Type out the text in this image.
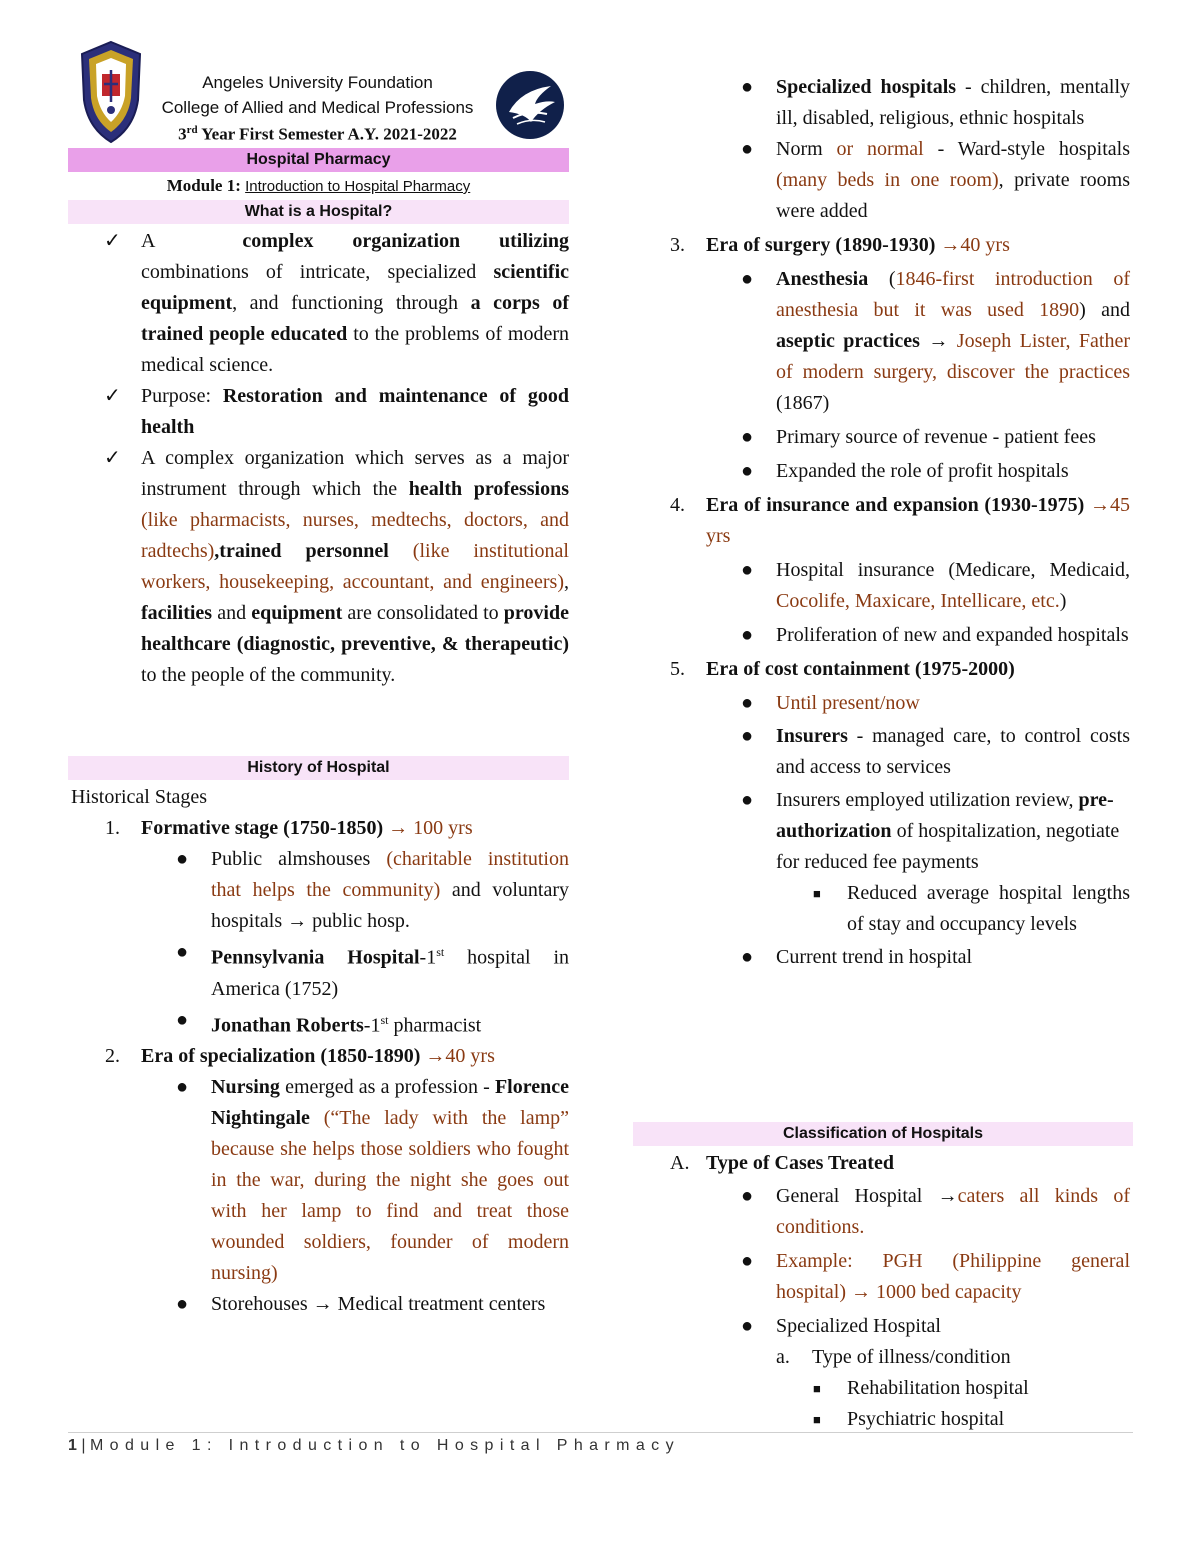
Angeles University Foundation
College of Allied and Medical Professions
3rd Year First Semester A.Y. 2021-2022
Hospital Pharmacy
Module 1: Introduction to Hospital Pharmacy
What is a Hospital?
✓ A	complex organization utilizing combinations of intricate, specialized scientific equipment, and functioning through a corps of trained people educated to the problems of modern medical science.
✓ Purpose: Restoration and maintenance of good health
✓ A complex organization which serves as a major instrument through which the health professions (like pharmacists, nurses, medtechs, doctors, and radtechs),trained personnel (like institutional workers, housekeeping, accountant, and engineers), facilities and equipment are consolidated to provide healthcare (diagnostic, preventive, & therapeutic) to the people of the community.
History of Hospital

Historical Stages

1. Formative stage (1750-1850) → 100 yrs
● Public almshouses (charitable institution that helps the community) and voluntary hospitals → public hosp.
● Pennsylvania Hospital-1st hospital in America (1752)
● Jonathan Roberts-1st pharmacist
2. Era of specialization (1850-1890) →40 yrs
● Nursing emerged as a profession - Florence Nightingale (“The lady with the lamp” because she helps those soldiers who fought in the war, during the night she goes out with her lamp to find and treat those wounded soldiers, founder of modern nursing)
● Storehouses → Medical treatment centers
● Specialized hospitals - children, mentally ill, disabled, religious, ethnic hospitals
● Norm or normal - Ward-style hospitals (many beds in one room), private rooms were added
3. Era of surgery (1890-1930) →40 yrs
● Anesthesia (1846-first introduction of anesthesia but it was used 1890) and aseptic practices → Joseph Lister, Father of modern surgery, discover the practices (1867)
● Primary source of revenue - patient fees
● Expanded the role of profit hospitals
4. Era of insurance and expansion (1930-1975) →45 yrs
● Hospital insurance (Medicare, Medicaid, Cocolife, Maxicare, Intellicare, etc.)
● Proliferation of new and expanded hospitals
5. Era of cost containment (1975-2000)
● Until present/now
● Insurers - managed care, to control costs and access to services
● Insurers employed utilization review, pre-authorization of hospitalization, negotiate for reduced fee payments
■ Reduced average hospital lengths of stay and occupancy levels
● Current trend in hospital
Classification of Hospitals
A. Type of Cases Treated
● General Hospital →caters all kinds of conditions.
● Example: PGH (Philippine general hospital) → 1000 bed capacity
● Specialized Hospital
a. Type of illness/condition
■ Rehabilitation hospital
■ Psychiatric hospital
1 | Module 1: Introduction to Hospital Pharmacy
